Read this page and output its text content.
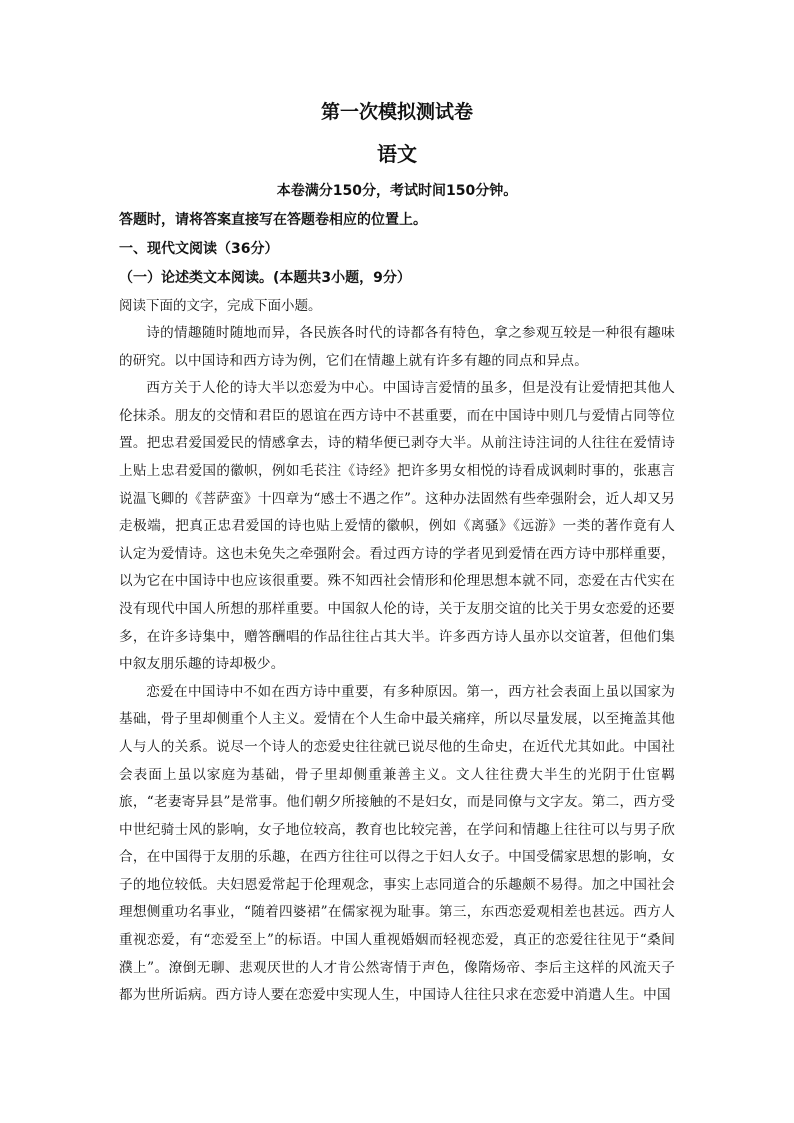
第一次模拟测试卷
语文

本卷满分150分，考试时间150分钟。

答题时，请将答案直接写在答题卷相应的位置上。

一、现代文阅读（36分）

（一）论述类文本阅读。(本题共3小题，9分）

阅读下面的文字，完成下面小题。

诗的情趣随时随地而异，各民族各时代的诗都各有特色，拿之参观互较是一种很有趣味的研究。以中国诗和西方诗为例，它们在情趣上就有许多有趣的同点和异点。

西方关于人伦的诗大半以恋爱为中心。中国诗言爱情的虽多，但是没有让爱情把其他人伦抹杀。朋友的交情和君臣的恩谊在西方诗中不甚重要，而在中国诗中则几与爱情占同等位置。把忠君爱国爱民的情感拿去，诗的精华便已剥夺大半。从前注诗注词的人往往在爱情诗上贴上忠君爱国的徽帜，例如毛苌注《诗经》把许多男女相悦的诗看成讽刺时事的，张惠言说温飞卿的《菩萨蛮》十四章为“感士不遇之作”。这种办法固然有些牵强附会，近人却又另走极端，把真正忠君爱国的诗也贴上爱情的徽帜，例如《离骚》《远游》一类的著作竟有人认定为爱情诗。这也未免失之牵强附会。看过西方诗的学者见到爱情在西方诗中那样重要，以为它在中国诗中也应该很重要。殊不知西社会情形和伦理思想本就不同，恋爱在古代实在没有现代中国人所想的那样重要。中国叙人伦的诗，关于友朋交谊的比关于男女恋爱的还要多，在许多诗集中，赠答酬唱的作品往往占其大半。许多西方诗人虽亦以交谊著，但他们集中叙友朋乐趣的诗却极少。

恋爱在中国诗中不如在西方诗中重要，有多种原因。第一，西方社会表面上虽以国家为基础，骨子里却侧重个人主义。爱情在个人生命中最关痛痒，所以尽量发展，以至掩盖其他人与人的关系。说尽一个诗人的恋爱史往往就已说尽他的生命史，在近代尤其如此。中国社会表面上虽以家庭为基础，骨子里却侧重兼善主义。文人往往费大半生的光阴于仕宦羁旅，“老妻寄异县”是常事。他们朝夕所接触的不是妇女，而是同僚与文字友。第二，西方受中世纪骑士风的影响，女子地位较高，教育也比较完善，在学问和情趣上往往可以与男子欣合，在中国得于友朋的乐趣，在西方往往可以得之于妇人女子。中国受儒家思想的影响，女子的地位较低。夫妇恩爱常起于伦理观念，事实上志同道合的乐趣颇不易得。加之中国社会理想侧重功名事业，“随着四婆裙”在儒家视为耻事。第三，东西恋爱观相差也甚远。西方人重视恋爱，有“恋爱至上”的标语。中国人重视婚姻而轻视恋爱，真正的恋爱往往见于“桑间濮上”。潦倒无聊、悲观厌世的人才肯公然寄情于声色，像隋炀帝、李后主这样的风流天子都为世所诟病。西方诗人要在恋爱中实现人生，中国诗人往往只求在恋爱中消遣人生。中国
